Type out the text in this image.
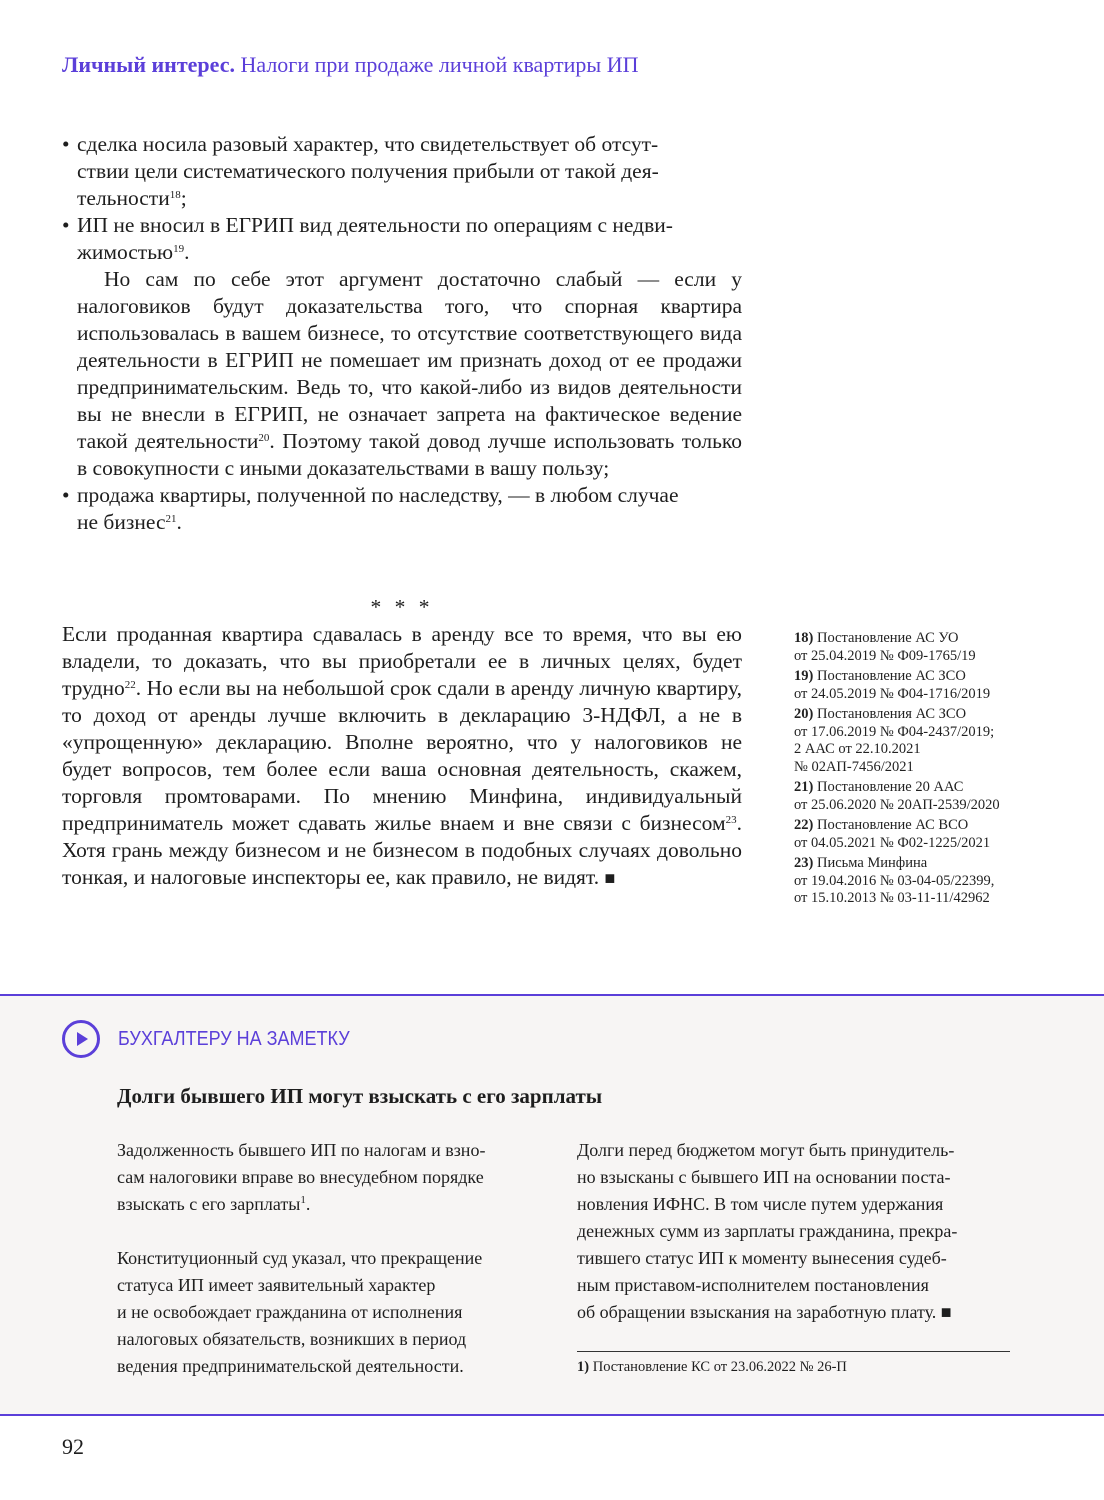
Личный интерес. Налоги при продаже личной квартиры ИП

• сделка носила разовый характер, что свидетельствует об отсут-
ствии цели систематического получения прибыли от такой дея-
тельности$^{18}$;

• ИП не вносил в ЕГРИП вид деятельности по операциям с недви-
жимостью$^{19}$.

Но сам по себе этот аргумент достаточно слабый — если у налоговиков будут доказательства того, что спорная квартира использовалась в вашем бизнесе, то отсутствие соответствующего вида деятельности в ЕГРИП не помешает им признать доход от ее продажи предпринимательским. Ведь то, что какой-либо из видов деятельности вы не внесли в ЕГРИП, не означает запрета на фактическое ведение такой деятельности$^{20}$. Поэтому такой довод лучше использовать только в совокупности с иными доказательствами в вашу пользу;

• продажа квартиры, полученной по наследству, — в любом случае
не бизнес$^{21}$.

* * *

Если проданная квартира сдавалась в аренду все то время, что вы ею владели, то доказать, что вы приобретали ее в личных целях, будет трудно$^{22}$. Но если вы на небольшой срок сдали в аренду личную квартиру, то доход от аренды лучше включить в декларацию 3-НДФЛ, а не в «упрощенную» декларацию. Вполне вероятно, что у налоговиков не будет вопросов, тем более если ваша основная деятельность, скажем, торговля промтоварами. По мнению Минфина, индивидуальный предприниматель может сдавать жилье внаем и вне связи с бизнесом$^{23}$. Хотя грань между бизнесом и не бизнесом в подобных случаях довольно тонкая, и налоговые инспекторы ее, как правило, не видят. ■

18) Постановление АС УО
от 25.04.2019 № Ф09-1765/19
19) Постановление АС ЗСО
от 24.05.2019 № Ф04-1716/2019
20) Постановления АС ЗСО
от 17.06.2019 № Ф04-2437/2019;
2 ААС от 22.10.2021
№ 02АП-7456/2021
21) Постановление 20 ААС
от 25.06.2020 № 20АП-2539/2020
22) Постановление АС ВСО
от 04.05.2021 № Ф02-1225/2021
23) Письма Минфина
от 19.04.2016 № 03-04-05/22399,
от 15.10.2013 № 03-11-11/42962
БУХГАЛТЕРУ НА ЗАМЕТКУ
Долги бывшего ИП могут взыскать с его зарплаты

Задолженность бывшего ИП по налогам и взно-
сам налоговики вправе во внесудебном порядке
взыскать с его зарплаты$^1$.

Конституционный суд указал, что прекращение
статуса ИП имеет заявительный характер
и не освобождает гражданина от исполнения
налоговых обязательств, возникших в период
ведения предпринимательской деятельности.

Долги перед бюджетом могут быть принудитель-
но взысканы с бывшего ИП на основании поста-
новления ИФНС. В том числе путем удержания
денежных сумм из зарплаты гражданина, прекра-
тившего статус ИП к моменту вынесения судеб-
ным приставом-исполнителем постановления
об обращении взыскания на заработную плату. ■

1) Постановление КС от 23.06.2022 № 26-П
92
